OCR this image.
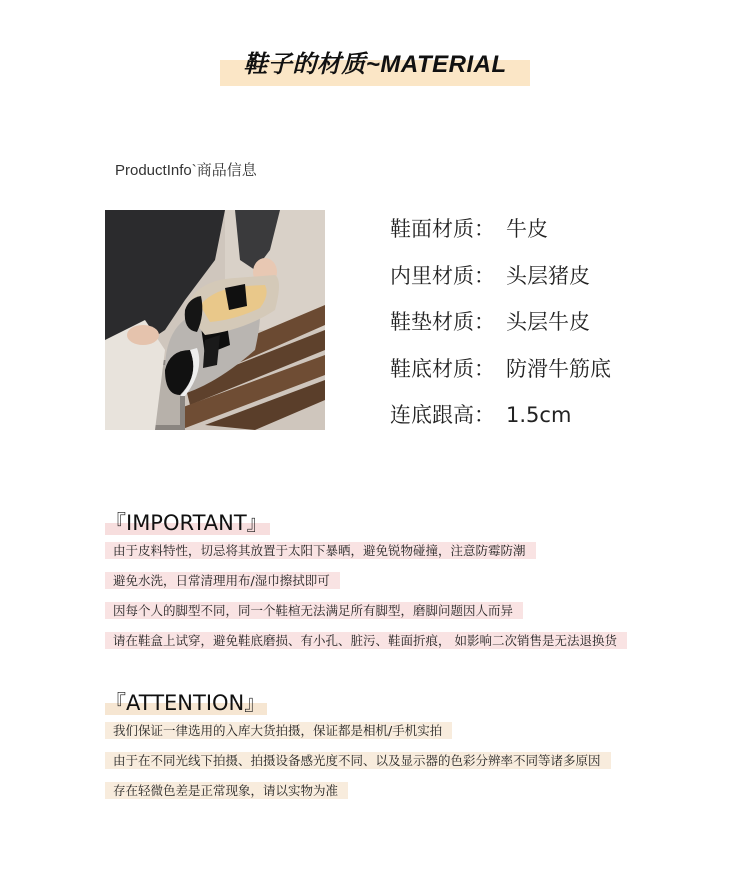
鞋子的材质~MATERIAL
ProductInfo`商品信息
鞋面材质： 牛皮
内里材质： 头层猪皮
鞋垫材质： 头层牛皮
鞋底材质： 防滑牛筋底
连底跟高： 1.5cm
『IMPORTANT』
由于皮料特性，切忌将其放置于太阳下暴晒，避免锐物碰撞，注意防霉防潮
避免水洗，日常清理用布/湿巾擦拭即可
因每个人的脚型不同，同一个鞋楦无法满足所有脚型，磨脚问题因人而异
请在鞋盒上试穿，避免鞋底磨损、有小孔、脏污、鞋面折痕， 如影响二次销售是无法退换货
『ATTENTION』
我们保证一律选用的入库大货拍摄，保证都是相机/手机实拍
由于在不同光线下拍摄、拍摄设备感光度不同、以及显示器的色彩分辨率不同等诸多原因
存在轻微色差是正常现象，请以实物为准
